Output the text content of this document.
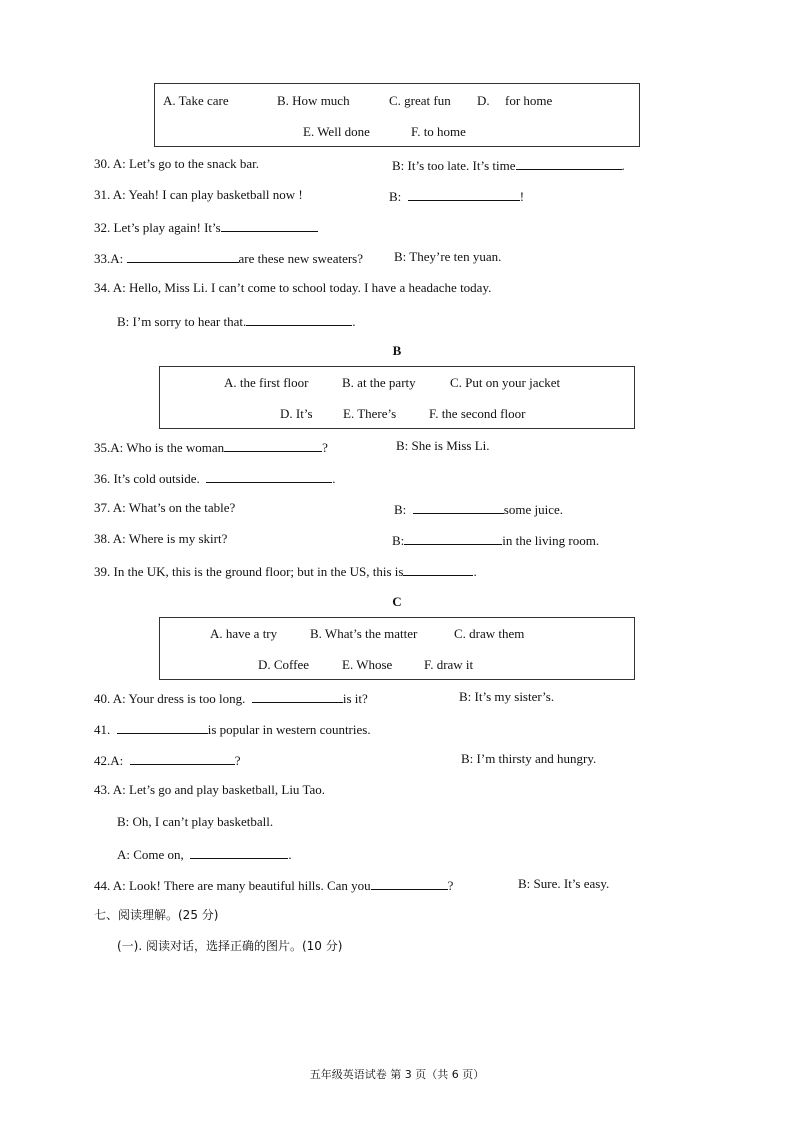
A. Take care	B. How much	C. great fun D. for home
E. Well done	F. to home
30. A: Let’s go to the snack bar.	B: It’s too late. It’s time	.
31. A: Yeah! I can play basketball now !	B:	!
32. Let’s play again! It’s
33.A:	are these new sweaters? B: They’re ten yuan.
34. A: Hello, Miss Li. I can’t come to school today. I have a headache today.
B: I’m sorry to hear that.	.
B
A. the first floor	B. at the party	C. Put on your jacket
D. It’s E. There’s	F. the second floor
35.A: Who is the woman	?	B: She is Miss Li.
36. It’s cold outside.	.
37. A: What’s on the table?	B:	some juice.
38. A: Where is my skirt?	B:	in the living room.
39. In the UK, this is the ground floor; but in the US, this is	.
C
A. have a try	B. What’s the matter	C. draw them
D. Coffee	E. Whose F. draw it
40. A: Your dress is too long.	is it?	B: It’s my sister’s.
41.	is popular in western countries.
42.A:	?	B: I’m thirsty and hungry.
43. A: Let’s go and play basketball, Liu Tao.
B: Oh, I can’t play basketball.
A: Come on,	.
44. A: Look! There are many beautiful hills. Can you	?	B: Sure. It’s easy.
七、阅读理解。(25 分)
(一). 阅读对话，选择正确的图片。(10 分)
五年级英语试卷 第 3 页（共 6 页）
